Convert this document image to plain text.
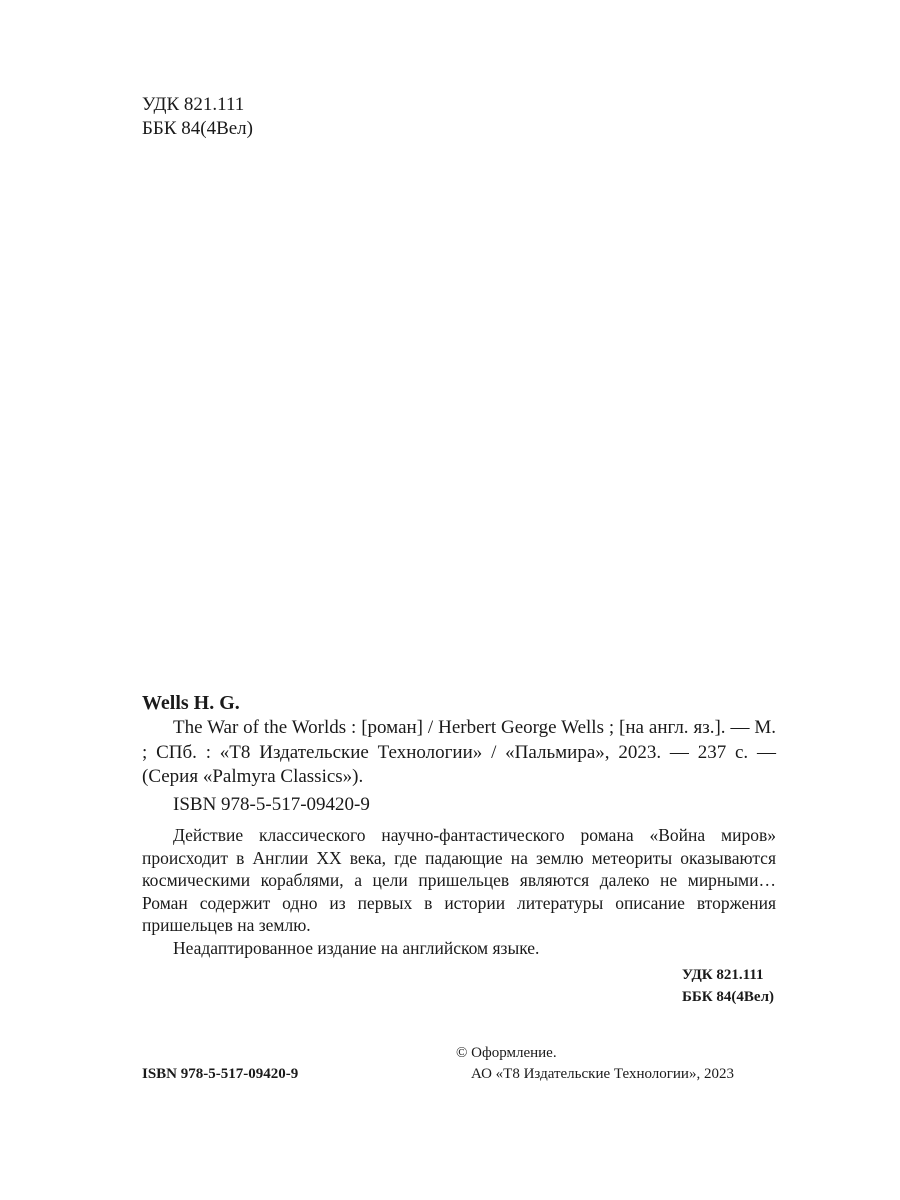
УДК 821.111
ББК 84(4Вел)

Wells H. G.

The War of the Worlds : [роман] / Herbert George Wells ; [на англ. яз.]. — М. ; СПб. : «Т8 Издательские Технологии» / «Пальмира», 2023. — 237 с. — (Серия «Palmyra Classics»).

ISBN 978-5-517-09420-9

Действие классического научно-фантастического романа «Война миров» происходит в Англии XX века, где падающие на землю метеориты оказываются космическими кораблями, а цели пришельцев являются далеко не мирными… Роман содержит одно из первых в истории литературы описание вторжения пришельцев на землю.

Неадаптированное издание на английском языке.

УДК 821.111
ББК 84(4Вел)
ISBN 978-5-517-09420-9
© Оформление.
АО «Т8 Издательские Технологии», 2023
